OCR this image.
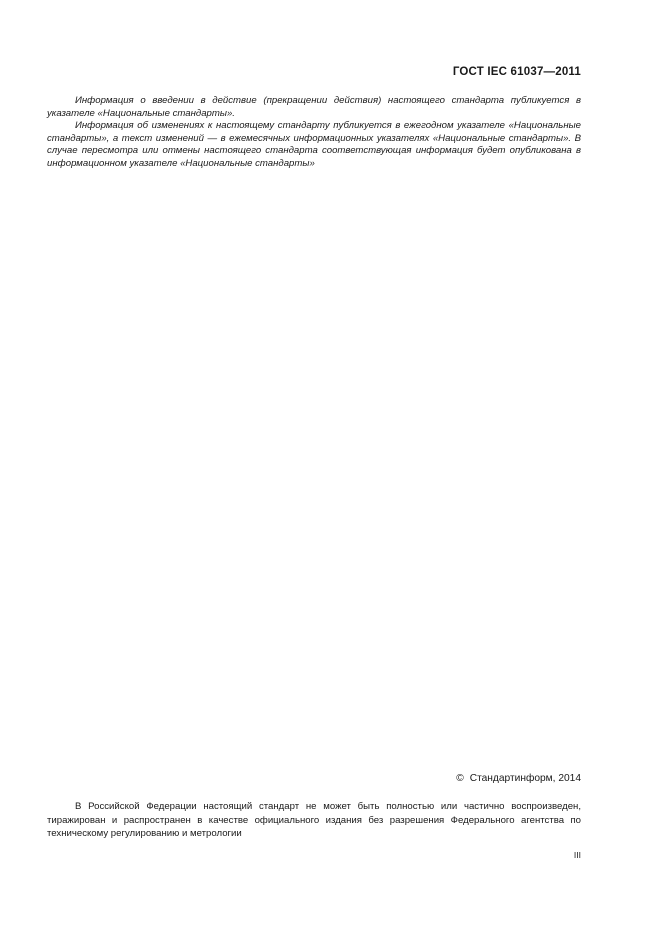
ГОСТ IEC 61037—2011

Информация о введении в действие (прекращении действия) настоящего стандарта публикуется в указателе «Национальные стандарты».

Информация об изменениях к настоящему стандарту публикуется в ежегодном указателе «Национальные стандарты», а текст изменений — в ежемесячных информационных указателях «Национальные стандарты». В случае пересмотра или отмены настоящего стандарта соответствующая информация будет опубликована в информационном указателе «Национальные стандарты»

© Стандартинформ, 2014

В Российской Федерации настоящий стандарт не может быть полностью или частично воспроизведен, тиражирован и распространен в качестве официального издания без разрешения Федерального агентства по техническому регулированию и метрологии

III
